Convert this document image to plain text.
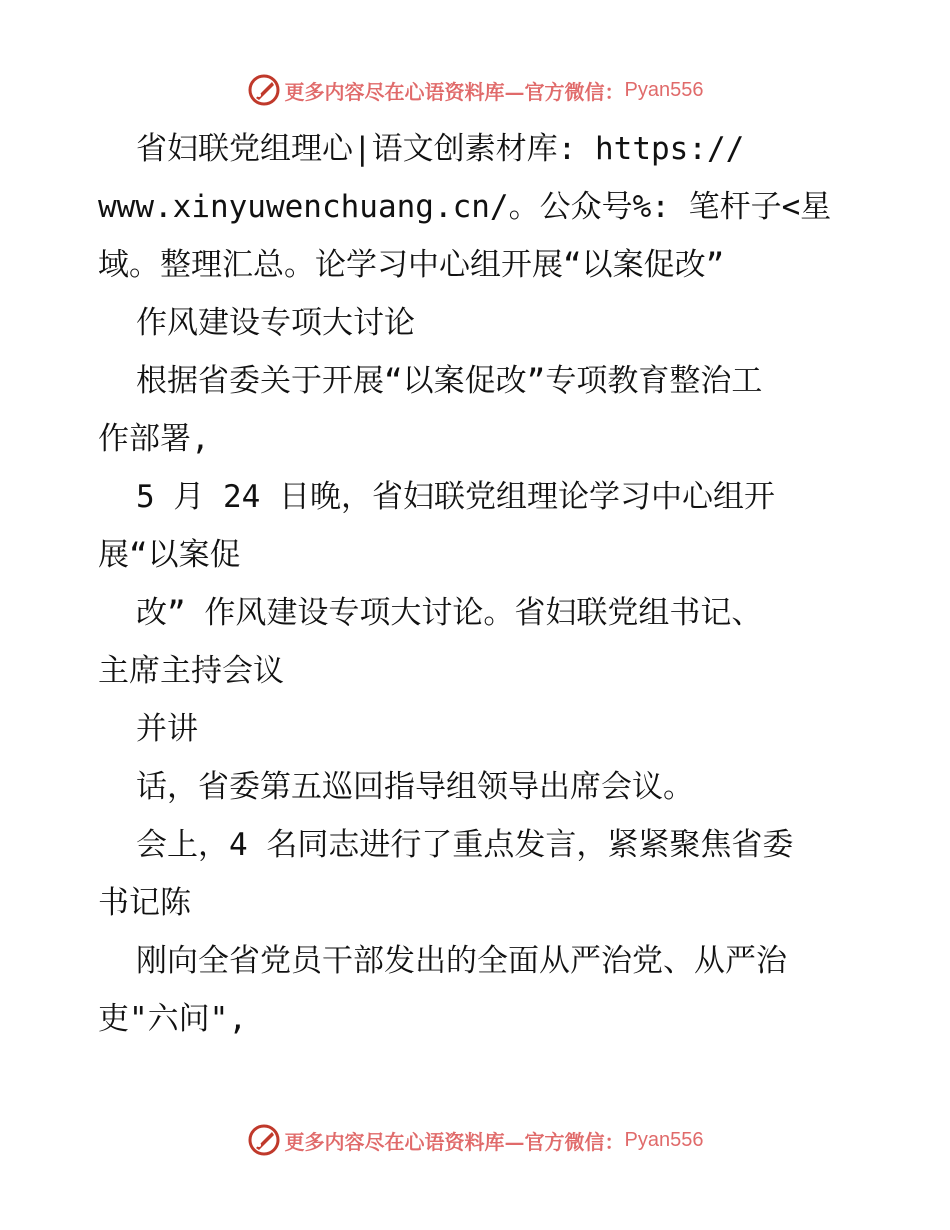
更多内容尽在心语资料库—官方微信： Pyan556
省妇联党组理心|语文创素材库: https://
www.xinyuwenchuang.cn/。公众号%: 笔杆子<星
域。整理汇总。论学习中心组开展“以案促改”
作风建设专项大讨论
根据省委关于开展“以案促改”专项教育整治工
作部署,
5 月 24 日晚，省妇联党组理论学习中心组开
展“以案促
改” 作风建设专项大讨论。省妇联党组书记、
主席主持会议
并讲
话，省委第五巡回指导组领导出席会议。
会上，4 名同志进行了重点发言，紧紧聚焦省委
书记陈
刚向全省党员干部发出的全面从严治党、从严治
吏"六问",
更多内容尽在心语资料库—官方微信： Pyan556
